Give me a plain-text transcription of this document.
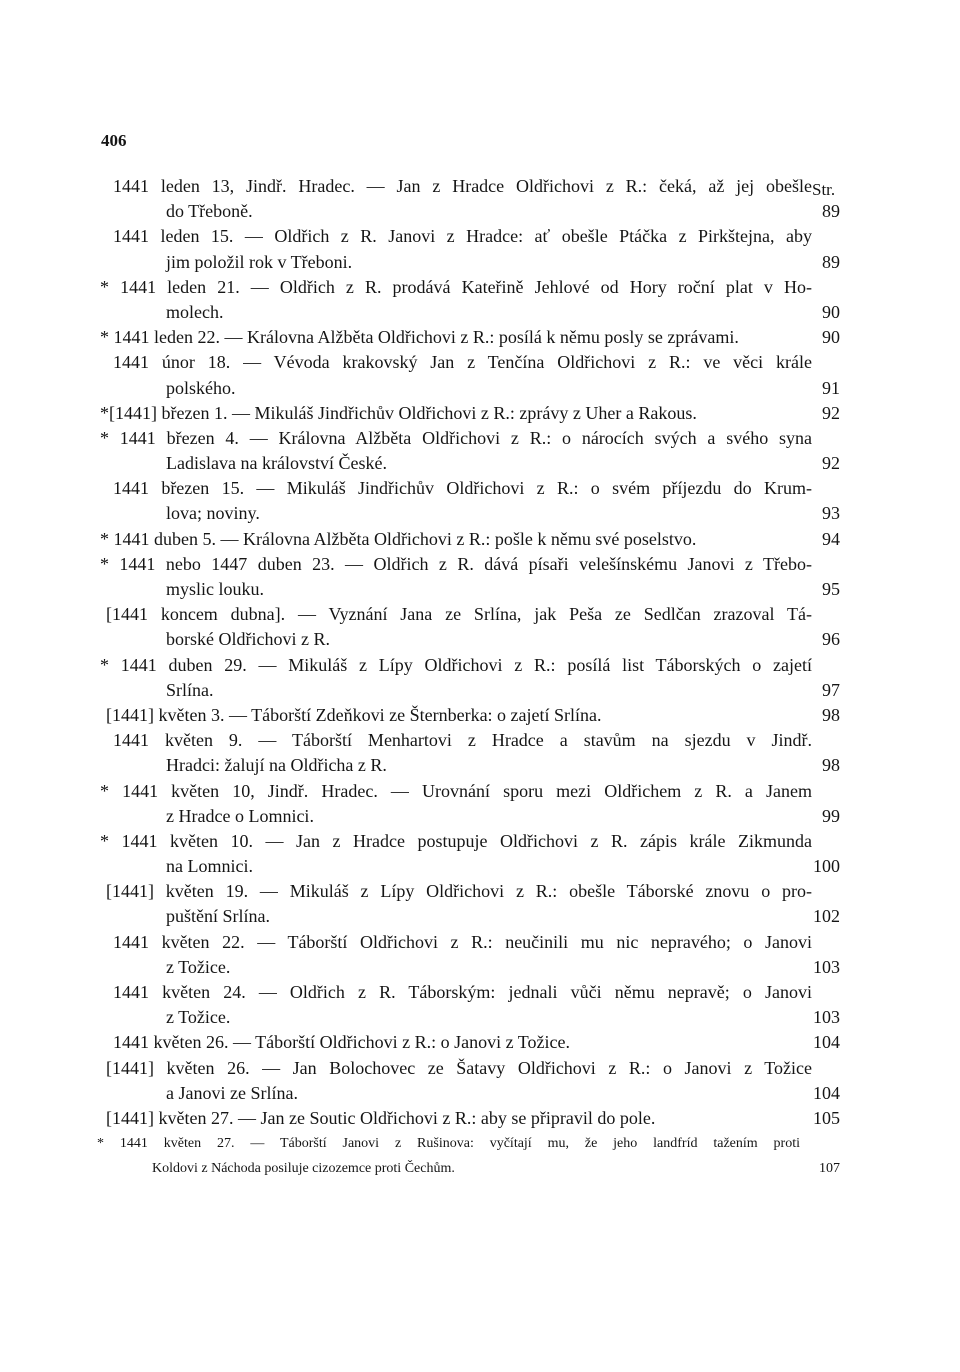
406
Str.
1441 leden 13, Jindř. Hradec. — Jan z Hradce Oldřichovi z R.: čeká, až jej obešle
do Třeboně.	89
1441 leden 15. — Oldřich z R. Janovi z Hradce: ať obešle Ptáčka z Pirkštejna, aby
jim položil rok v Třeboni.	89
* 1441 leden 21. — Oldřich z R. prodává Kateřině Jehlové od Hory roční plat v Ho-
molech.	90
* 1441 leden 22. — Královna Alžběta Oldřichovi z R.: posílá k němu posly se zprávami.	90
1441 únor 18. — Vévoda krakovský Jan z Tenčína Oldřichovi z R.: ve věci krále
polského.	91
*[1441] březen 1. — Mikuláš Jindřichův Oldřichovi z R.: zprávy z Uher a Rakous.	92
* 1441 březen 4. — Královna Alžběta Oldřichovi z R.: o nárocích svých a svého syna
Ladislava na království České.	92
1441 březen 15. — Mikuláš Jindřichův Oldřichovi z R.: o svém příjezdu do Krum-
lova; noviny.	93
* 1441 duben 5. — Královna Alžběta Oldřichovi z R.: pošle k němu své poselstvo.	94
* 1441 nebo 1447 duben 23. — Oldřich z R. dává písaři velešínskému Janovi z Třebo-
myslic louku.	95
[1441 koncem dubna]. — Vyznání Jana ze Srlína, jak Peša ze Sedlčan zrazoval Tá-
borské Oldřichovi z R.	96
* 1441 duben 29. — Mikuláš z Lípy Oldřichovi z R.: posílá list Táborských o zajetí
Srlína.	97
[1441] květen 3. — Táborští Zdeňkovi ze Šternberka: o zajetí Srlína.	98
1441 květen 9. — Táborští Menhartovi z Hradce a stavům na sjezdu v Jindř.
Hradci: žalují na Oldřicha z R.	98
* 1441 květen 10, Jindř. Hradec. — Urovnání sporu mezi Oldřichem z R. a Janem
z Hradce o Lomnici.	99
* 1441 květen 10. — Jan z Hradce postupuje Oldřichovi z R. zápis krále Zikmunda
na Lomnici.	100
[1441] květen 19. — Mikuláš z Lípy Oldřichovi z R.: obešle Táborské znovu o pro-
puštění Srlína.	102
1441 květen 22. — Táborští Oldřichovi z R.: neučinili mu nic nepravého; o Janovi
z Tožice.	103
1441 květen 24. — Oldřich z R. Táborským: jednali vůči němu nepravě; o Janovi
z Tožice.	103
1441 květen 26. — Táborští Oldřichovi z R.: o Janovi z Tožice.	104
[1441] květen 26. — Jan Bolochovec ze Šatavy Oldřichovi z R.: o Janovi z Tožice
a Janovi ze Srlína.	104
[1441] květen 27. — Jan ze Soutic Oldřichovi z R.: aby se připravil do pole.	105
* 1441 květen 27. — Táborští Janovi z Rušinova: vyčítají mu, že jeho landfríd tažením proti
Koldovi z Náchoda posiluje cizozemce proti Čechům.	107
